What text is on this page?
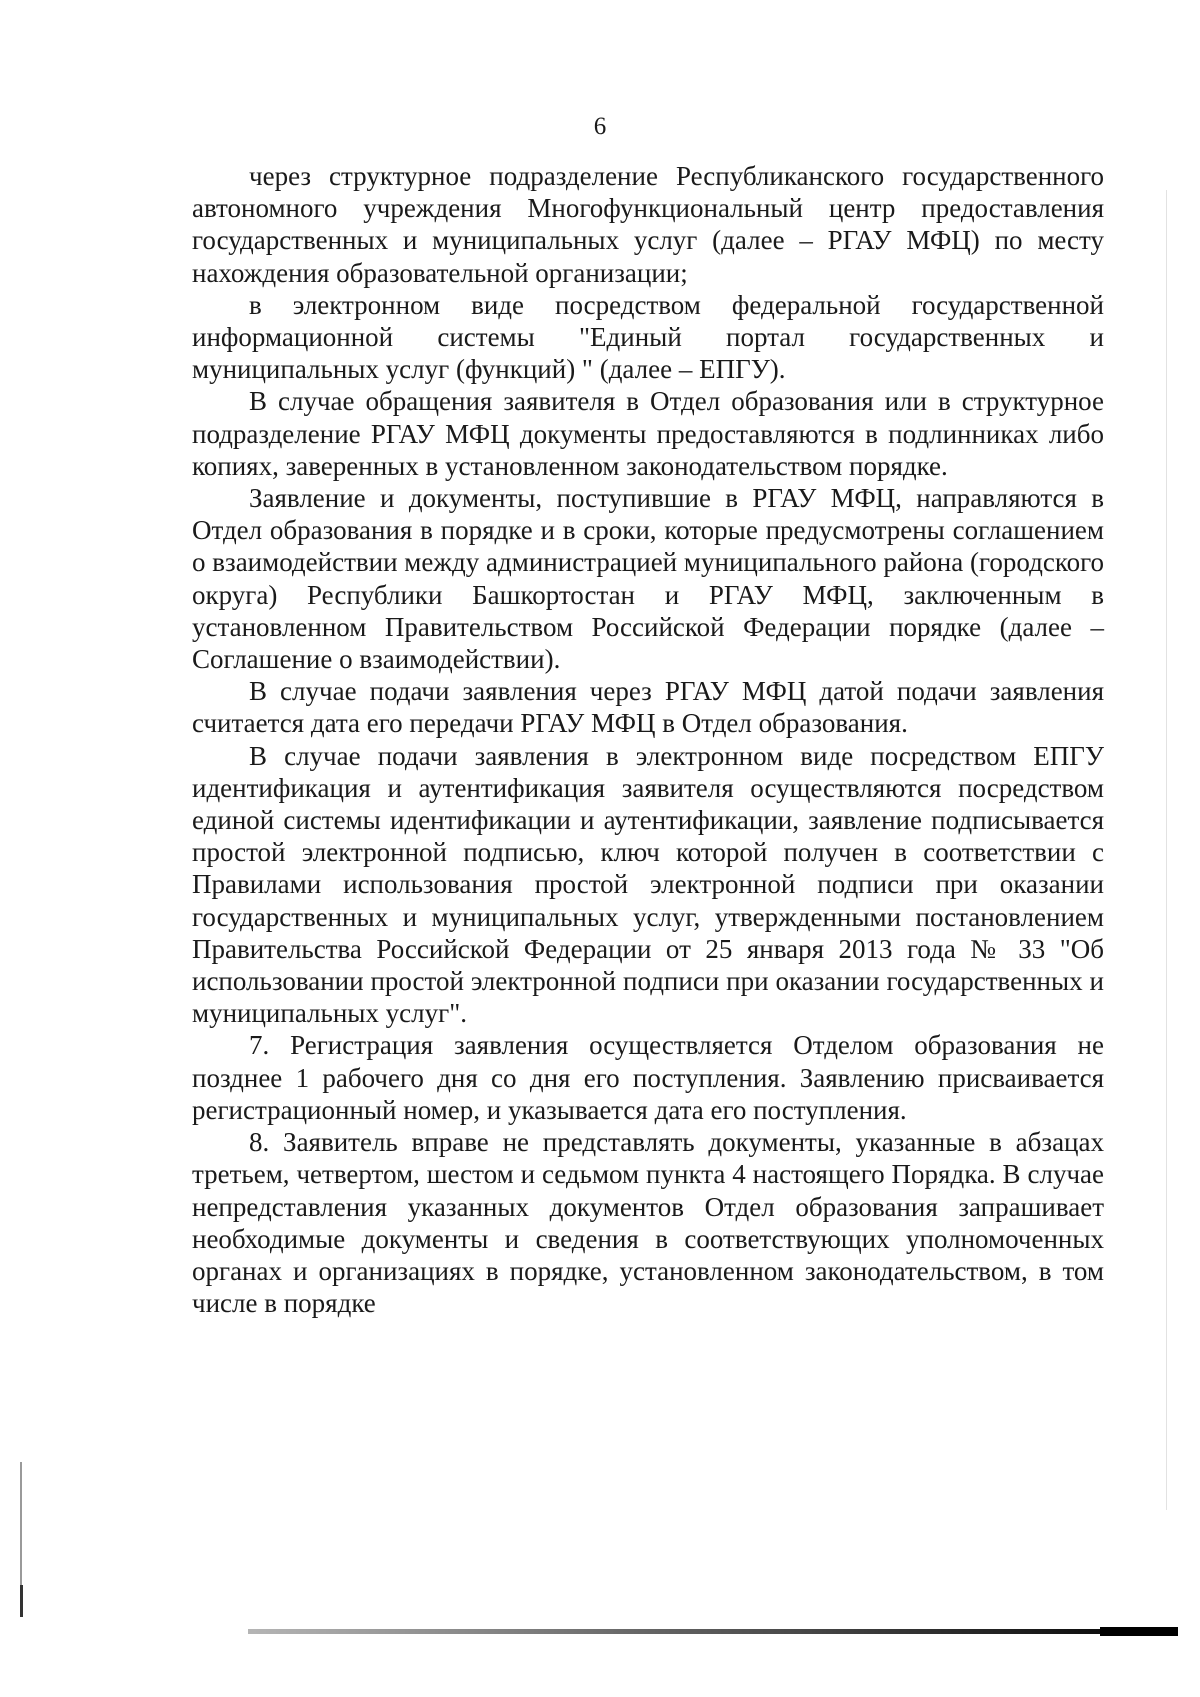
6

через структурное подразделение Республиканского государственного автономного учреждения Многофункциональный центр предоставления государственных и муниципальных услуг (далее – РГАУ МФЦ) по месту нахождения образовательной организации;

в электронном виде посредством федеральной государственной информационной системы "Единый портал государственных и муниципальных услуг (функций) " (далее – ЕПГУ).

В случае обращения заявителя в Отдел образования или в структурное подразделение РГАУ МФЦ документы предоставляются в подлинниках либо копиях, заверенных в установленном законодательством порядке.

Заявление и документы, поступившие в РГАУ МФЦ, направляются в Отдел образования в порядке и в сроки, которые предусмотрены соглашением о взаимодействии между администрацией муниципального района (городского округа) Республики Башкортостан и РГАУ МФЦ, заключенным в установленном Правительством Российской Федерации порядке (далее – Соглашение о взаимодействии).

В случае подачи заявления через РГАУ МФЦ датой подачи заявления считается дата его передачи РГАУ МФЦ в Отдел образования.

В случае подачи заявления в электронном виде посредством ЕПГУ идентификация и аутентификация заявителя осуществляются посредством единой системы идентификации и аутентификации, заявление подписывается простой электронной подписью, ключ которой получен в соответствии с Правилами использования простой электронной подписи при оказании государственных и муниципальных услуг, утвержденными постановлением Правительства Российской Федерации от 25 января 2013 года № 33 "Об использовании простой электронной подписи при оказании государственных и муниципальных услуг".

7. Регистрация заявления осуществляется Отделом образования не позднее 1 рабочего дня со дня его поступления. Заявлению присваивается регистрационный номер, и указывается дата его поступления.

8. Заявитель вправе не представлять документы, указанные в абзацах третьем, четвертом, шестом и седьмом пункта 4 настоящего Порядка. В случае непредставления указанных документов Отдел образования запрашивает необходимые документы и сведения в соответствующих уполномоченных органах и организациях в порядке, установленном законодательством, в том числе в порядке
